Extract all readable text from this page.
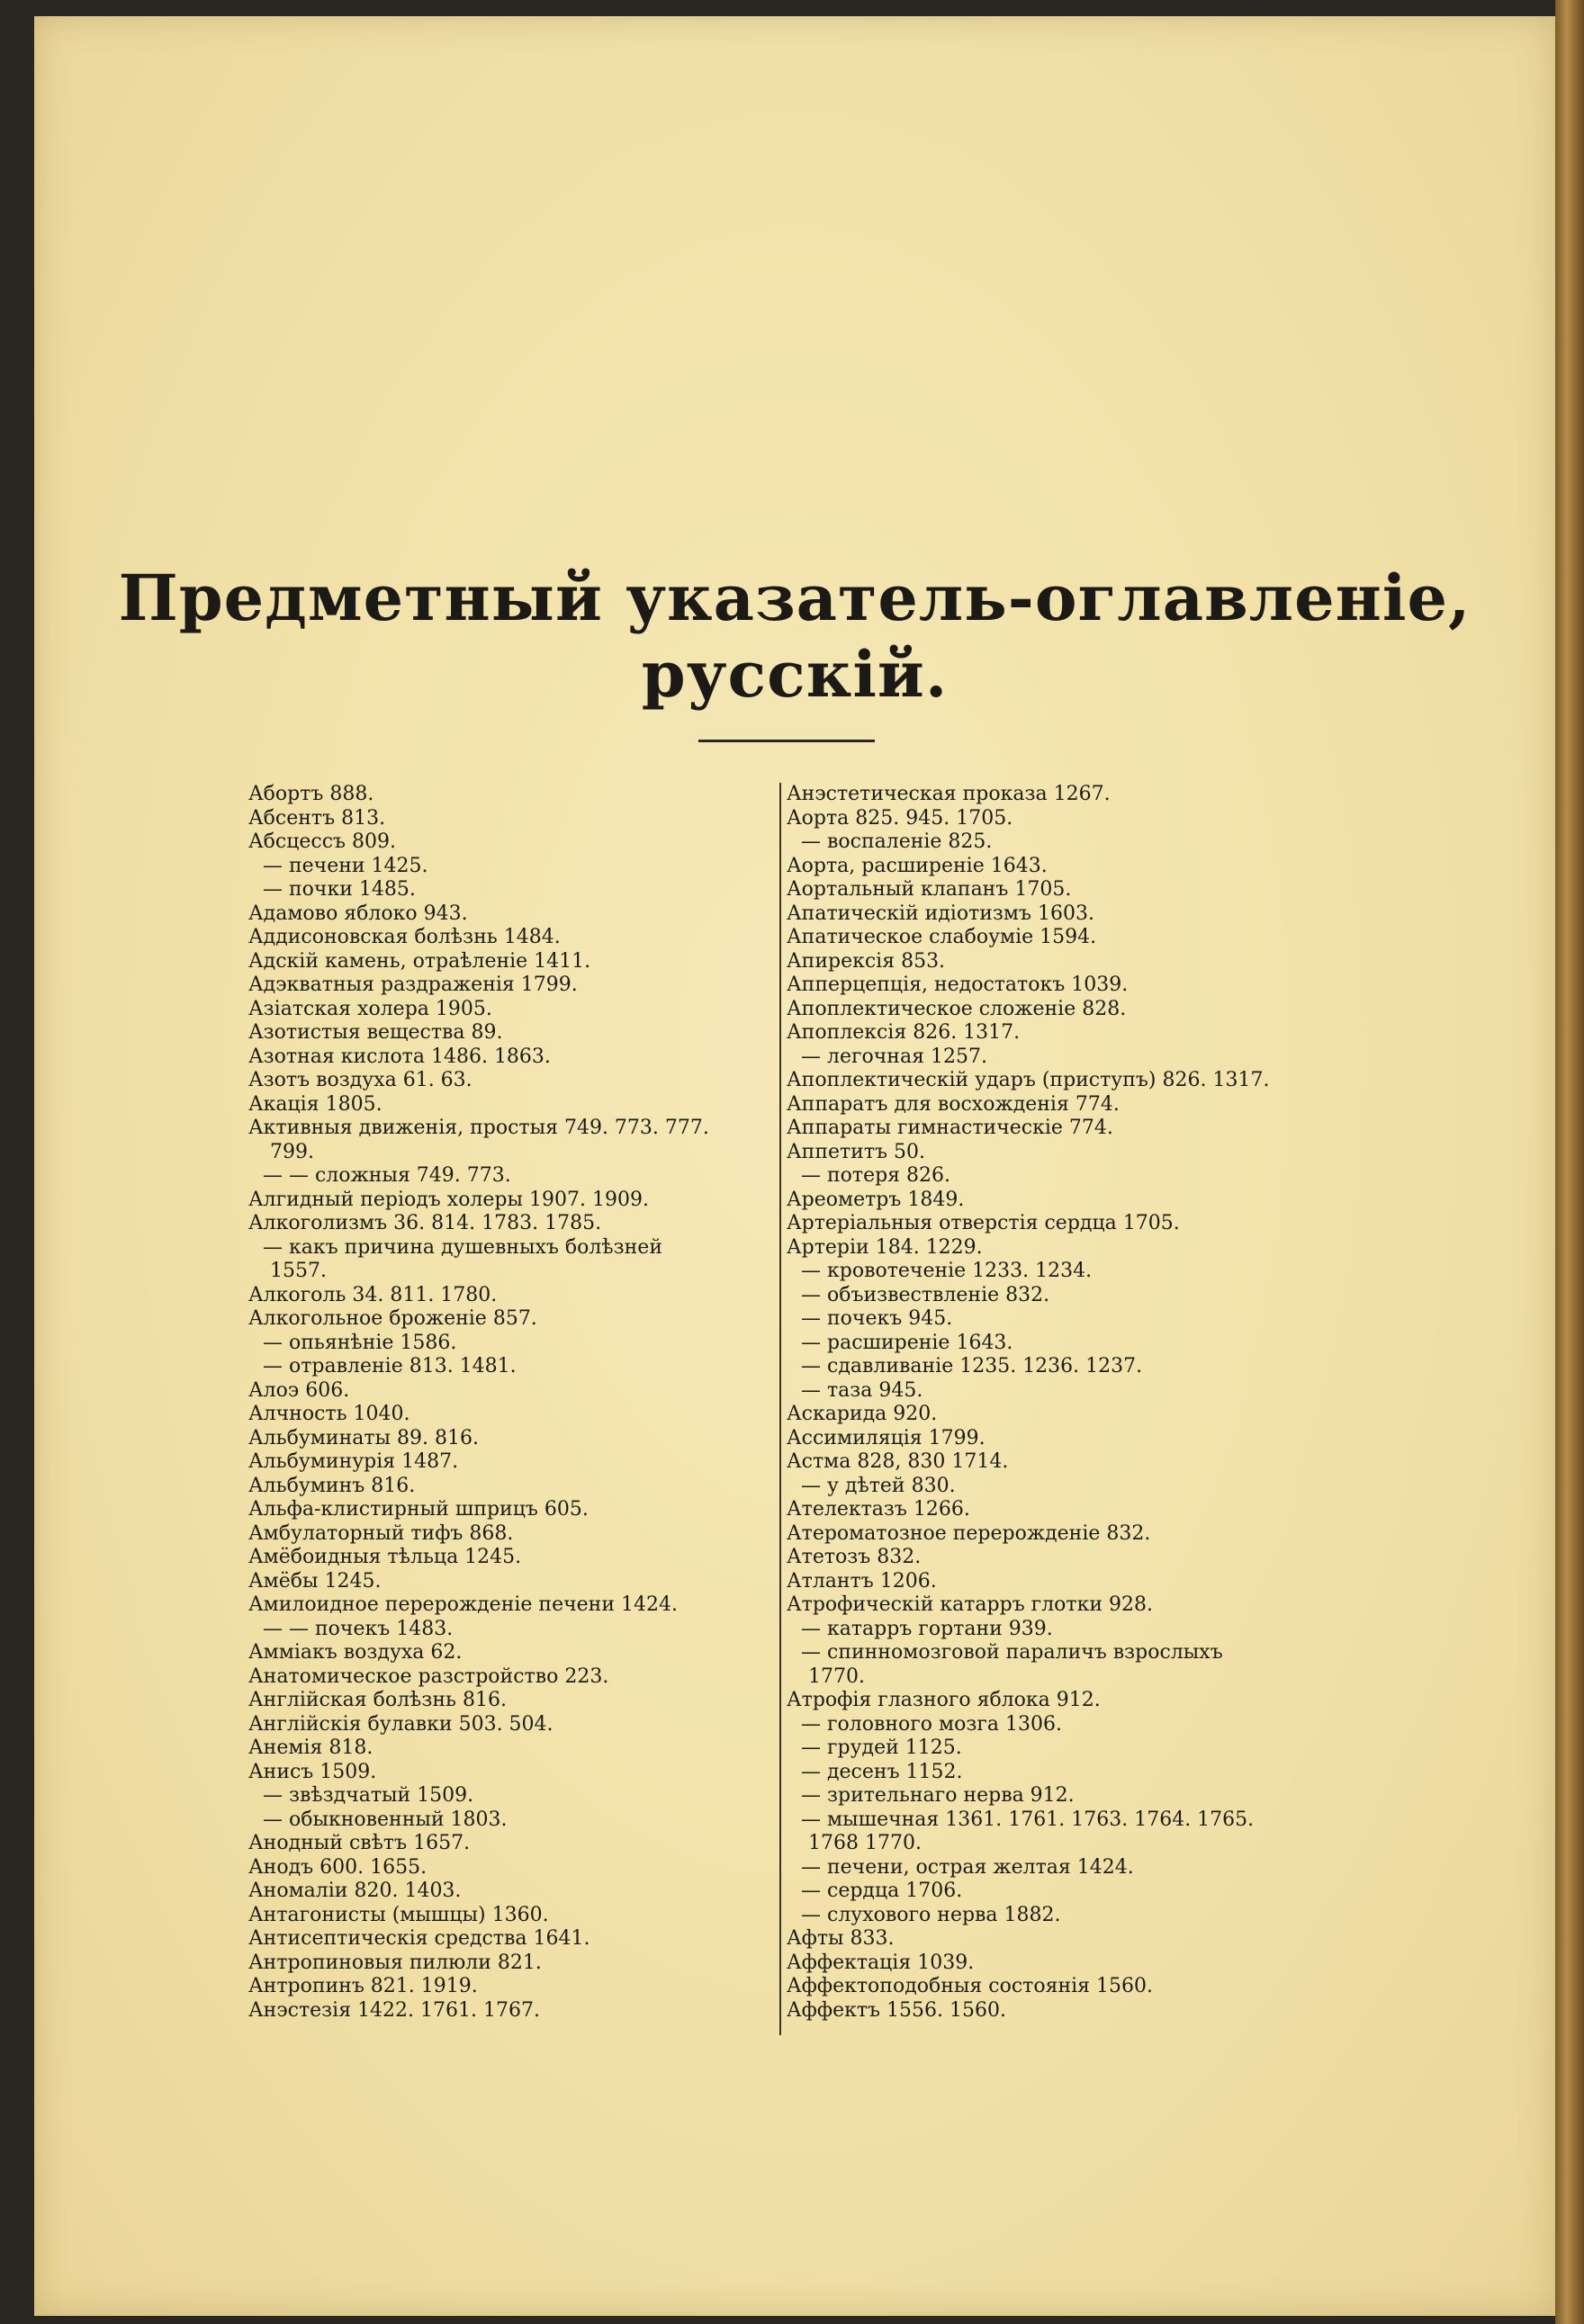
Предметный указатель-оглавленіе,
русскій.
Абортъ 888.
Абсентъ 813.
Абсцессъ 809.
— печени 1425.
— почки 1485.
Адамово яблоко 943.
Аддисоновская болѣзнь 1484.
Адскій камень, отраѣленіе 1411.
Адэкватныя раздраженія 1799.
Азіатская холера 1905.
Азотистыя вещества 89.
Азотная кислота 1486. 1863.
Азотъ воздуха 61. 63.
Акація 1805.
Активныя движенія, простыя 749. 773. 777.
799.
— — сложныя 749. 773.
Алгидный періодъ холеры 1907. 1909.
Алкоголизмъ 36. 814. 1783. 1785.
— какъ причина душевныхъ болѣзней
1557.
Алкоголь 34. 811. 1780.
Алкогольное броженіе 857.
— опьянѣніе 1586.
— отравленіе 813. 1481.
Алоэ 606.
Алчность 1040.
Альбуминаты 89. 816.
Альбуминурія 1487.
Альбуминъ 816.
Альфа-клистирный шприцъ 605.
Амбулаторный тифъ 868.
Амёбоидныя тѣльца 1245.
Амёбы 1245.
Амилоидное перерожденіе печени 1424.
— — почекъ 1483.
Аммiакъ воздуха 62.
Анатомическое разстройство 223.
Англійская болѣзнь 816.
Англійскія булавки 503. 504.
Анемія 818.
Анисъ 1509.
— звѣздчатый 1509.
— обыкновенный 1803.
Анодный свѣтъ 1657.
Анодъ 600. 1655.
Аномаліи 820. 1403.
Антагонисты (мышцы) 1360.
Антисептическія средства 1641.
Антропиновыя пилюли 821.
Антропинъ 821. 1919.
Анэстезія 1422. 1761. 1767.
Анэстетическая проказа 1267.
Аорта 825. 945. 1705.
— воспаленіе 825.
Аорта, расширеніе 1643.
Аортальный клапанъ 1705.
Апатическій идіотизмъ 1603.
Апатическое слабоуміе 1594.
Апирексія 853.
Апперцепція, недостатокъ 1039.
Апоплектическое сложеніе 828.
Апоплексія 826. 1317.
— легочная 1257.
Апоплектическій ударъ (приступъ) 826. 1317.
Аппаратъ для восхожденія 774.
Аппараты гимнастическіе 774.
Аппетитъ 50.
— потеря 826.
Ареометръ 1849.
Артеріальныя отверстія сердца 1705.
Артеріи 184. 1229.
— кровотеченіе 1233. 1234.
— объизвествленіе 832.
— почекъ 945.
— расширеніе 1643.
— сдавливаніе 1235. 1236. 1237.
— таза 945.
Аскарида 920.
Ассимиляція 1799.
Астма 828, 830 1714.
— у дѣтей 830.
Ателектазъ 1266.
Атероматозное перерожденіе 832.
Атетозъ 832.
Атлантъ 1206.
Атрофическій катарръ глотки 928.
— катарръ гортани 939.
— спинномозговой параличъ взрослыхъ
1770.
Атрофія глазного яблока 912.
— головного мозга 1306.
— грудей 1125.
— десенъ 1152.
— зрительнаго нерва 912.
— мышечная 1361. 1761. 1763. 1764. 1765.
1768 1770.
— печени, острая желтая 1424.
— сердца 1706.
— слухового нерва 1882.
Афты 833.
Аффектація 1039.
Аффектоподобныя состоянія 1560.
Аффектъ 1556. 1560.
